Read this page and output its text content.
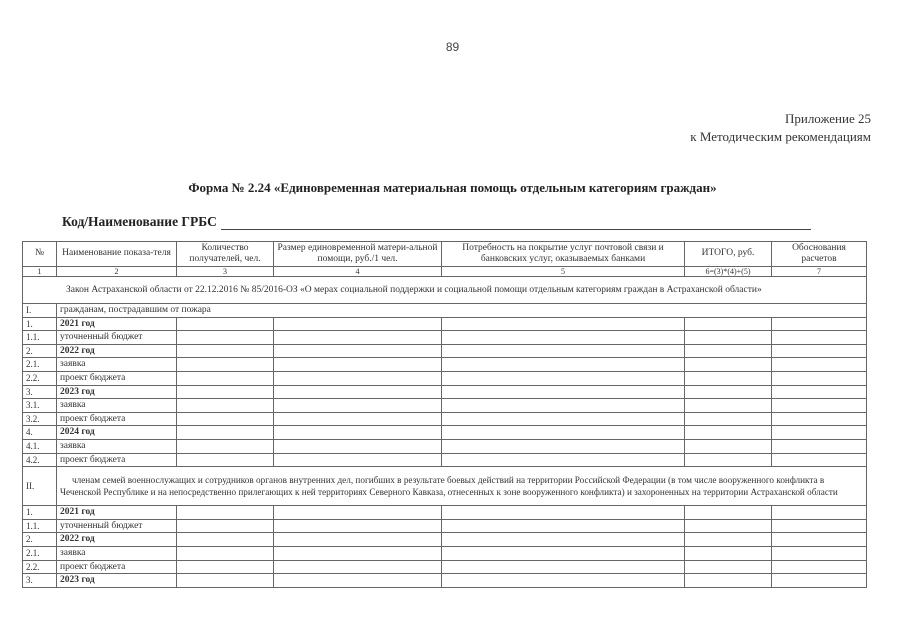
89
Приложение 25
к Методическим рекомендациям
Форма № 2.24 «Единовременная материальная помощь отдельным категориям граждан»
Код/Наименование ГРБС
№	Наименование показа-теля	Количество получателей, чел.	Размер единовременной матери-альной помощи, руб./1 чел.	Потребность на покрытие услуг почтовой связи и банковских услуг, оказываемых банками	ИТОГО, руб.	Обоснования расчетов
1	2	3	4	5	6=(3)*(4)+(5)	7
Закон Астраханской области от 22.12.2016 № 85/2016-ОЗ «О мерах социальной поддержки и социальной помощи отдельным категориям граждан в Астраханской области»						
I.	гражданам, пострадавшим от пожара					
1.	2021 год					
1.1.	уточненный бюджет					
2.	2022 год					
2.1.	заявка					
2.2.	проект бюджета					
3.	2023 год					
3.1.	заявка					
3.2.	проект бюджета					
4.	2024 год					
4.1.	заявка					
4.2.	проект бюджета					
II.	членам семей военнослужащих и сотрудников органов внутренних дел, погибших в результате боевых действий на территории Российской Федерации (в том числе вооруженного конфликта в Чеченской Республике и на непосредственно прилегающих к ней территориях Северного Кавказа, отнесенных к зоне вооруженного конфликта) и захороненных на территории Астраханской области					
1.	2021 год					
1.1.	уточненный бюджет					
2.	2022 год					
2.1.	заявка					
2.2.	проект бюджета					
3.	2023 год					
